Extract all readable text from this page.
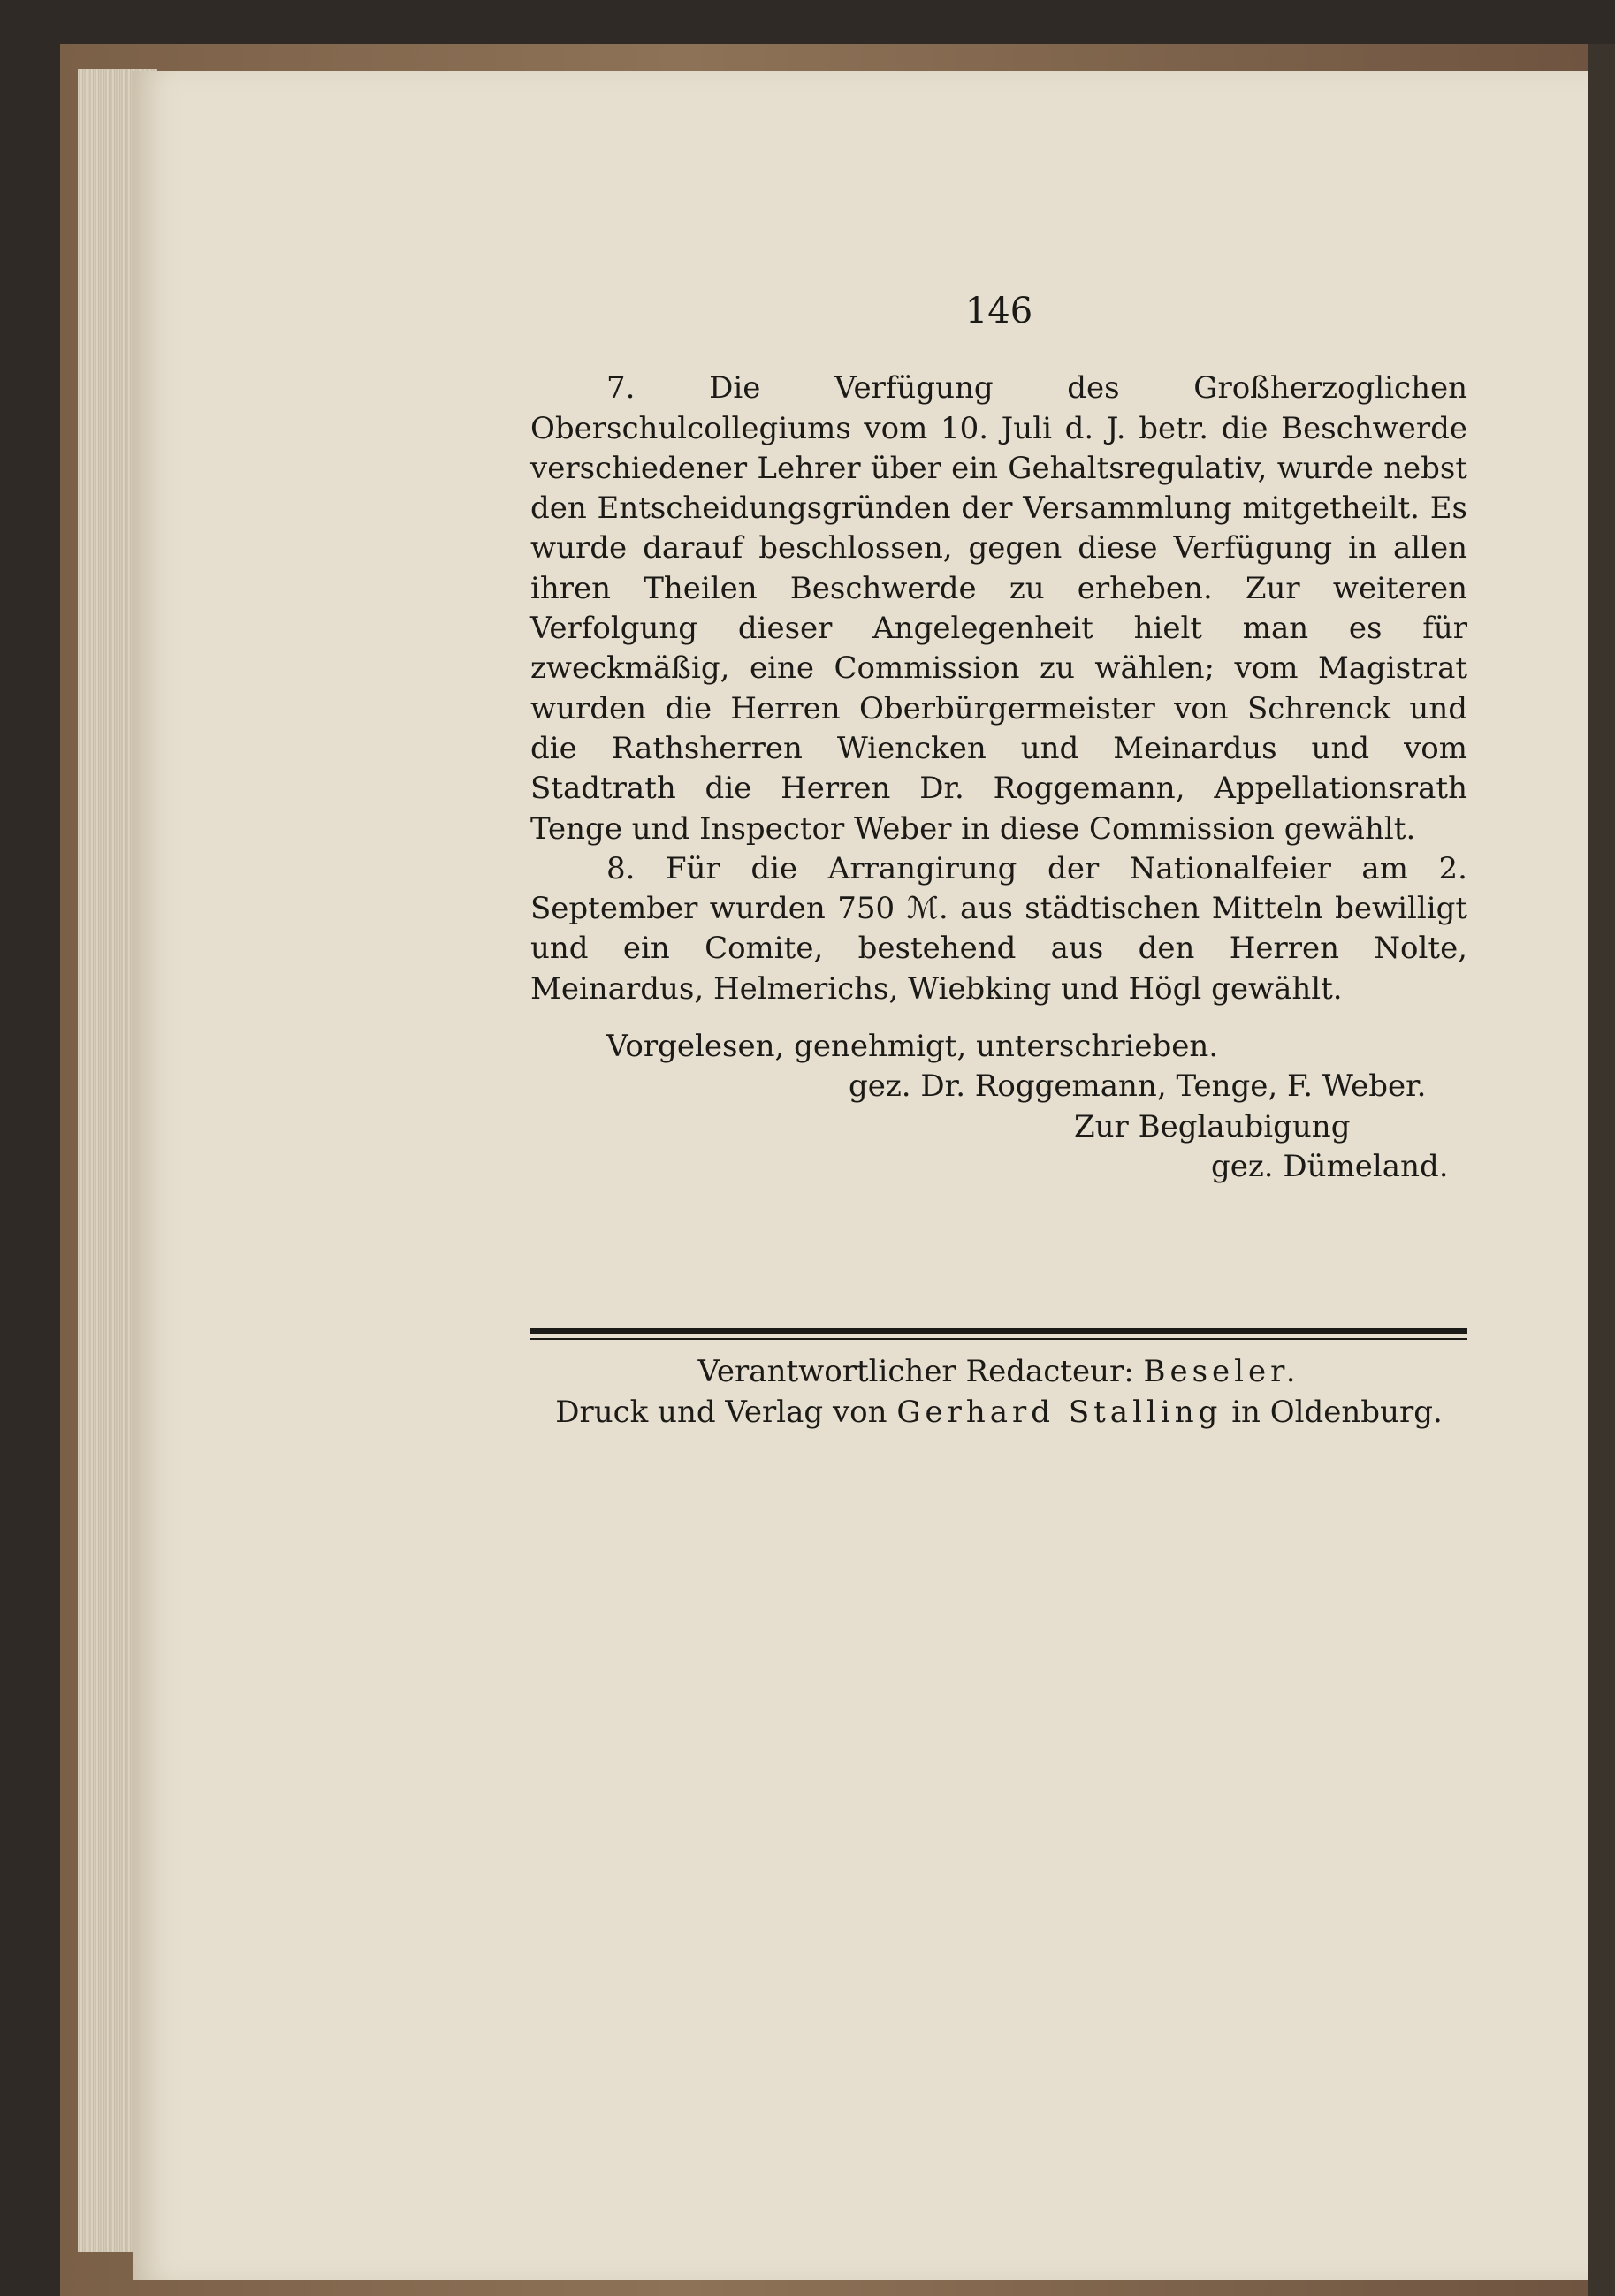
146

7. Die Verfügung des Großherzoglichen Oberschulcollegiums vom 10. Juli d. J. betr. die Beschwerde verschiedener Lehrer über ein Gehaltsregulativ, wurde nebst den Entscheidungsgründen der Versammlung mitgetheilt. Es wurde darauf beschlossen, gegen diese Verfügung in allen ihren Theilen Beschwerde zu erheben. Zur weiteren Verfolgung dieser Angelegenheit hielt man es für zweckmäßig, eine Commission zu wählen; vom Magistrat wurden die Herren Oberbürgermeister von Schrenck und die Rathsherren Wiencken und Meinardus und vom Stadtrath die Herren Dr. Roggemann, Appellationsrath Tenge und Inspector Weber in diese Commission gewählt.

8. Für die Arrangirung der Nationalfeier am 2. September wurden 750 ℳ. aus städtischen Mitteln bewilligt und ein Comite, bestehend aus den Herren Nolte, Meinardus, Helmerichs, Wiebking und Högl gewählt.

Vorgelesen, genehmigt, unterschrieben.

gez. Dr. Roggemann, Tenge, F. Weber.

Zur Beglaubigung

gez. Dümeland.

Verantwortlicher Redacteur: Beseler.

Druck und Verlag von Gerhard Stalling in Oldenburg.
